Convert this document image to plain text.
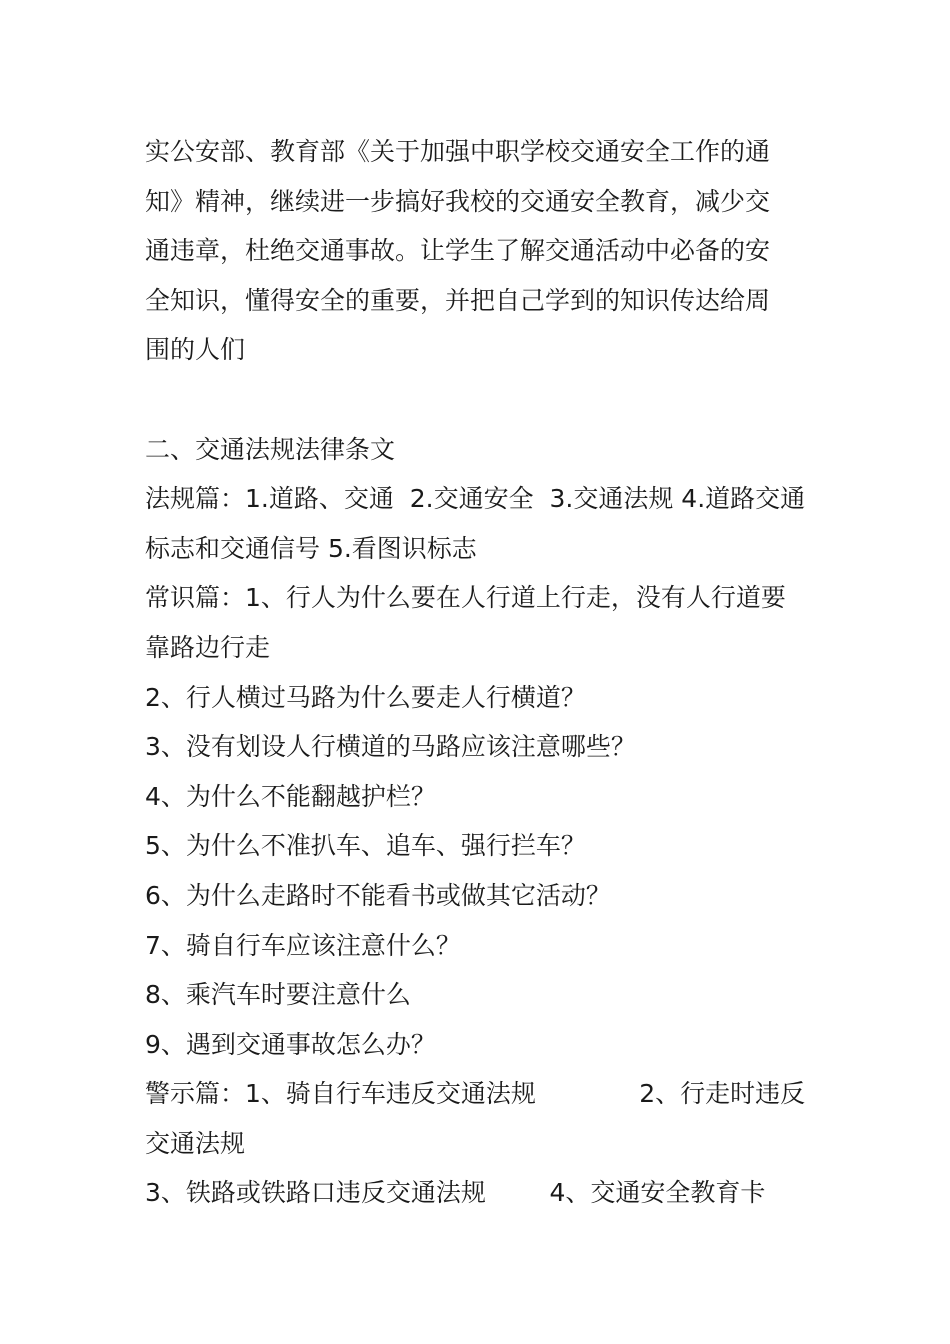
实公安部、教育部《关于加强中职学校交通安全工作的通
知》精神，继续进一步搞好我校的交通安全教育，减少交
通违章，杜绝交通事故。让学生了解交通活动中必备的安
全知识，懂得安全的重要，并把自己学到的知识传达给周
围的人们
二、交通法规法律条文
法规篇：1.道路、交通  2.交通安全  3.交通法规 4.道路交通
标志和交通信号 5.看图识标志
常识篇：1、行人为什么要在人行道上行走，没有人行道要
靠路边行走
2、行人横过马路为什么要走人行横道？
3、没有划设人行横道的马路应该注意哪些？
4、为什么不能翻越护栏？
5、为什么不准扒车、追车、强行拦车？
6、为什么走路时不能看书或做其它活动？
7、骑自行车应该注意什么？
8、乘汽车时要注意什么
9、遇到交通事故怎么办？
警示篇：1、骑自行车违反交通法规             2、行走时违反
交通法规
3、铁路或铁路口违反交通法规        4、交通安全教育卡
